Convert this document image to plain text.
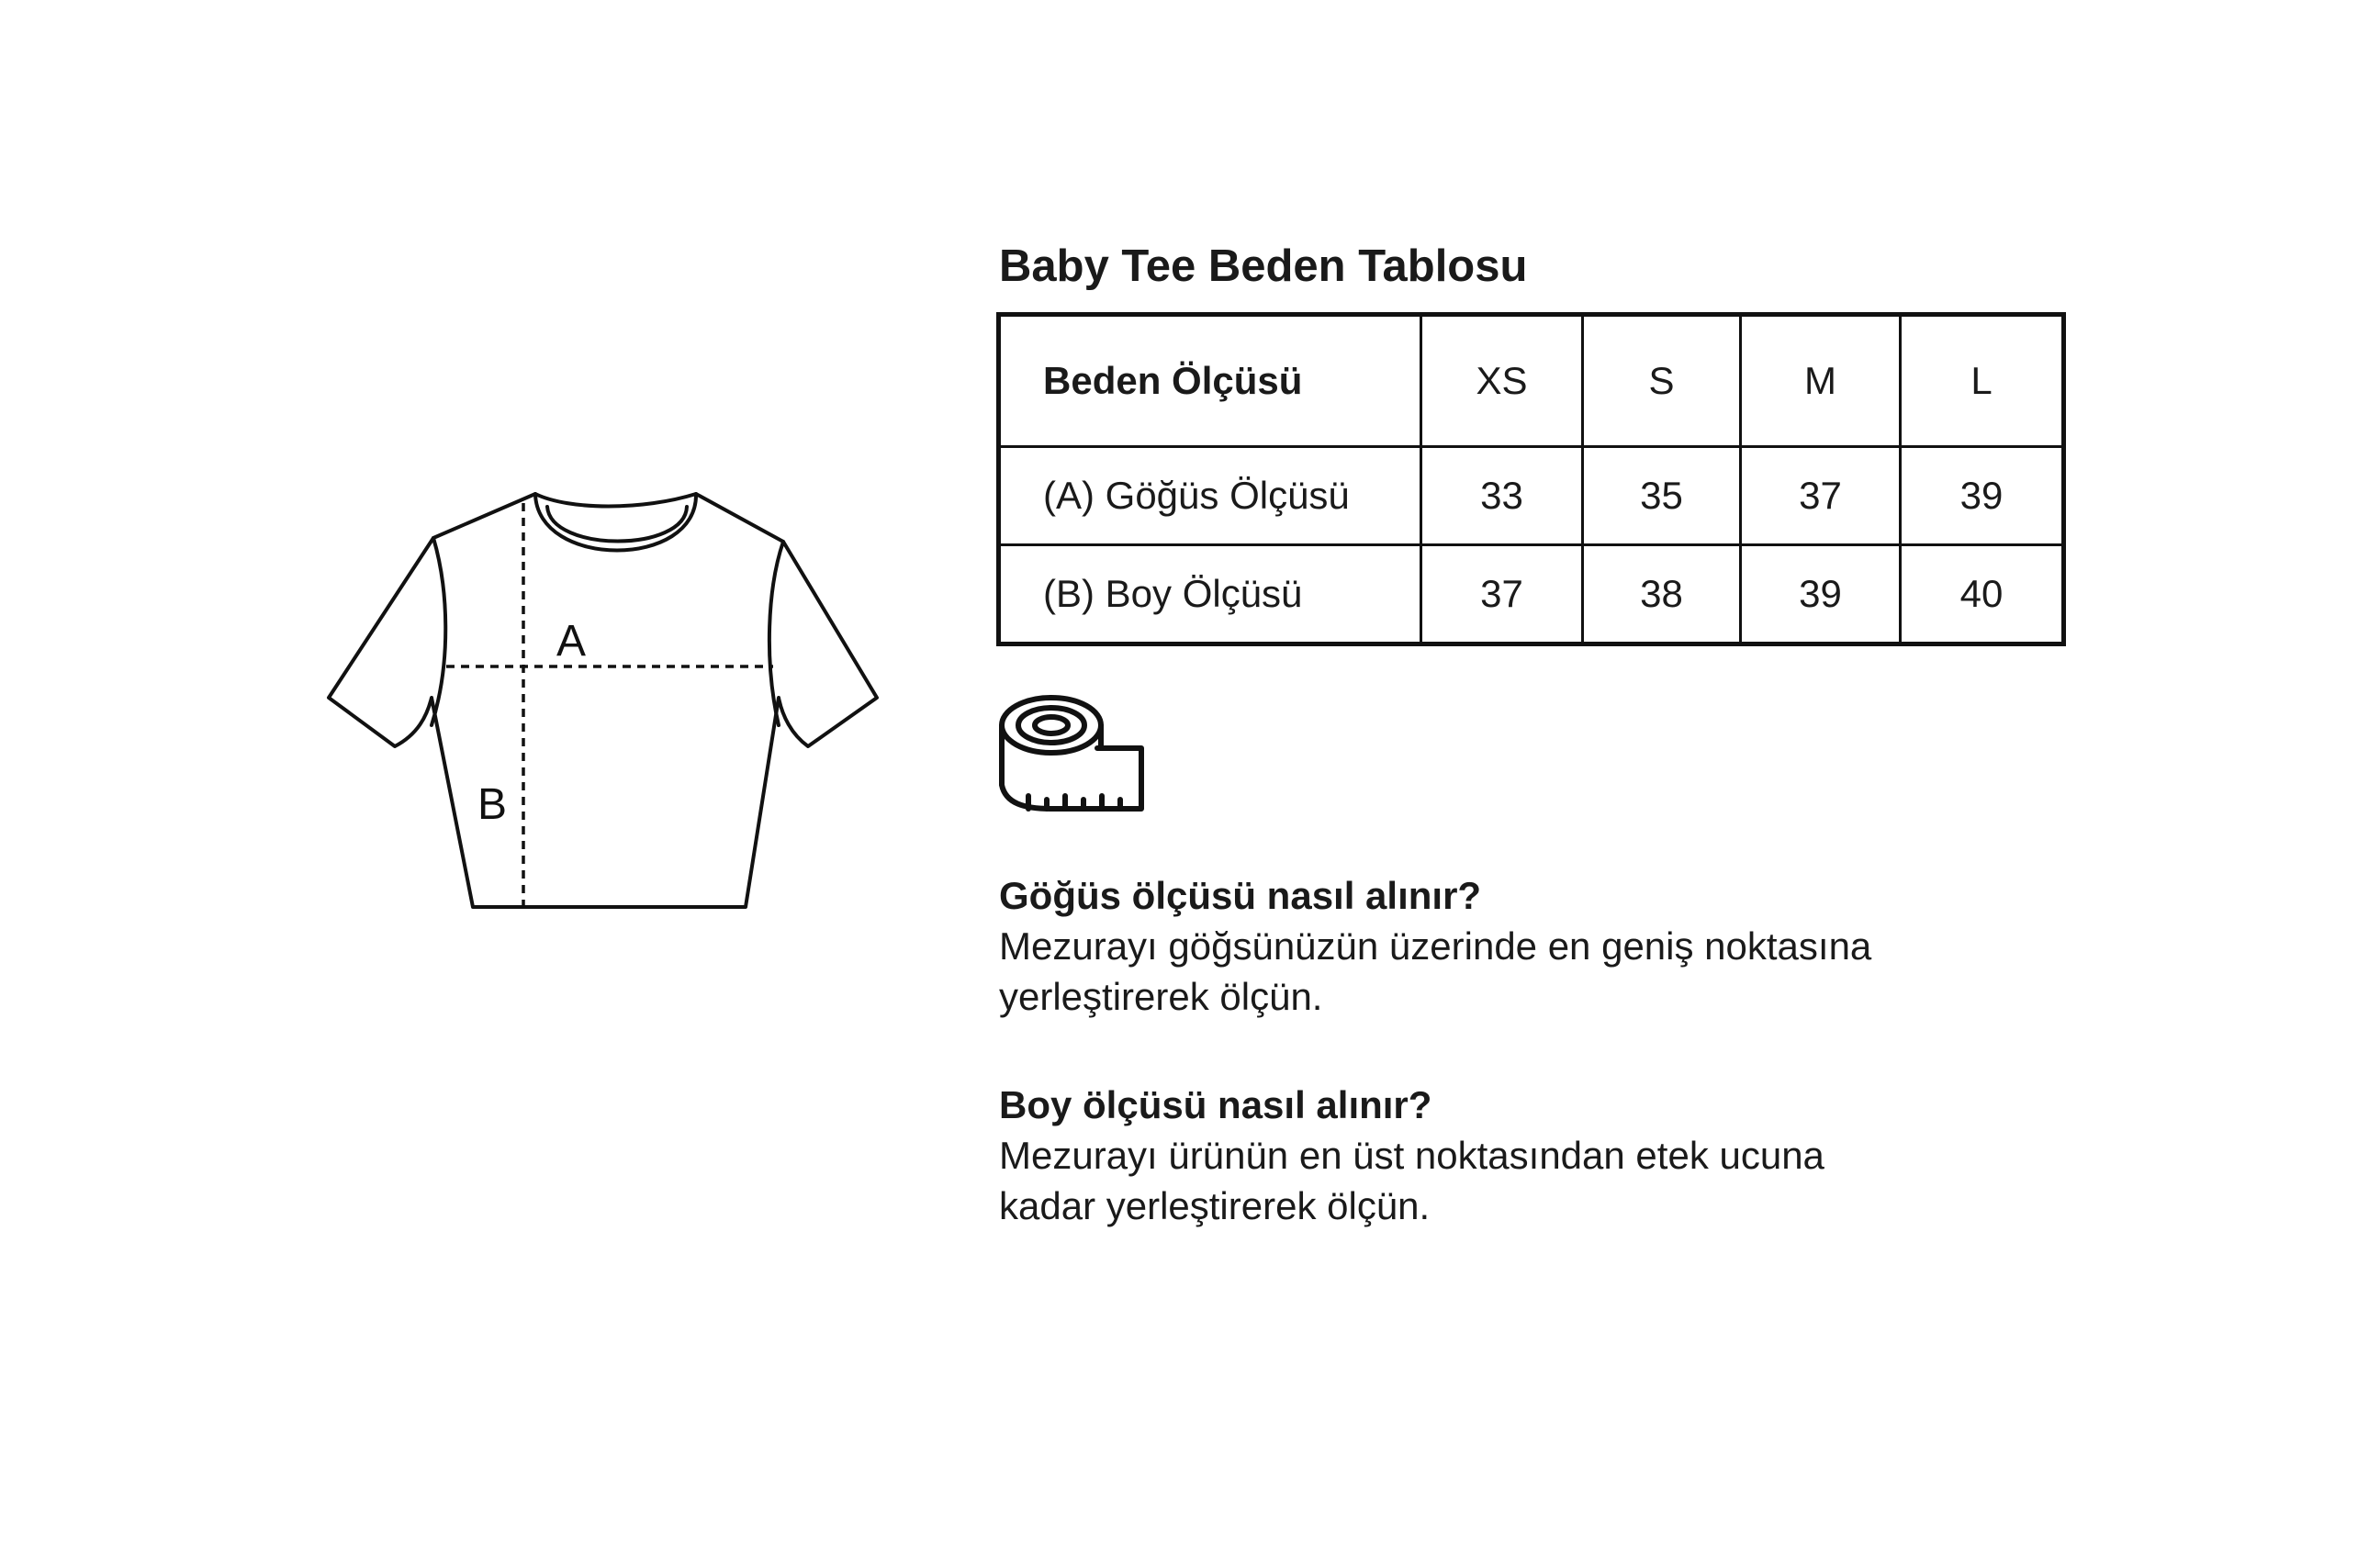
A
B
Baby Tee Beden Tablosu
Beden Ölçüsü	XS	S	M	L
(A) Göğüs Ölçüsü	33	35	37	39
(B) Boy Ölçüsü	37	38	39	40
Göğüs ölçüsü nasıl alınır?
Mezurayı göğsünüzün üzerinde en geniş noktasına
yerleştirerek ölçün.
Boy ölçüsü nasıl alınır?
Mezurayı ürünün en üst noktasından etek ucuna
kadar yerleştirerek ölçün.
